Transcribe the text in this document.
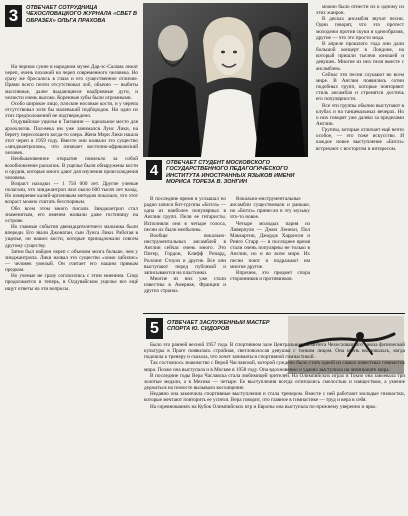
3	ОТВЕЧАЕТ СОТРУДНИЦА ЧЕХОСЛОВАЦКОГО ЖУРНАЛА «СВЕТ В ОБРАЗЕХ» ОЛЬГА ПРАХОВА

На черном сукне в народном музее Дар-эс-Салама лежат череп, очень похожий на череп современного человека. Но сразу же бросалось в глаза и его существенное отличие. Прямо всего почти отсутствовал лоб, обычно — выбиты массивные, далее выдающиеся надбровные дуги, и челюсти очень высоко. Коренные зубы были огромными.

Особо широкое лицо, плоские носовые кости, и у черепа отсутствовал хотя бы маленький подбородок. Ни одно из этих предположений не подтверждено.

Олдувайское ущелье в Танзании — идеальное место для археологов. Пол-века им уже занимался Луис Лики, на берегу пересохшего когда-то озера. Жена Мэри Лики нашла этот череп в 1959 году. Вместе они назвали это существо «зинджантропом», что означает восточно-африканский человек.

Необыкновенное открытие повлекло за собой возобновление раскопок. В ущелье были обнаружены кости и орудия, которые много дают для изучения происхождения человека.

Возраст находки — 1 750 000 лет. Другие ученые полагали, что зинджантроп жил около 600 тысяч лет назад. Но измерение калий-аргоновым методом показало, что этот возраст можно считать бесспорным.

Обо всем этом много писали. Зинджантроп стал знаменитым, его именем назвали даже гостиницу на острове.

Но главные события двенадцатилетнего мальчика были впереди. Его звали Джонатан, сын Луиса Лики. Работая в ущелье, он нашел кости, которые принадлежали совсем другому существу.

Затем был найден череп с объемом мозга больше, чем у зинджантропа. Лики назвал это существо «хомо хабилис» — человек умелый. Он считает его нашим прямым предком.

Но ученые не сразу согласились с этим мнением. Спор продолжается и теперь, в Олдувайском ущелье все ещё ищут ответы на эти вопросы.

4	ОТВЕЧАЕТ СТУДЕНТ МОСКОВСКОГО ГОСУДАРСТВЕННОГО ПЕДАГОГИЧЕСКОГО ИНСТИТУТА ИНОСТРАННЫХ ЯЗЫКОВ ИМЕНИ МОРИСА ТОРЕЗА В. ЗОНГИН

В последние время я услышал по радио записи бит-группы «Битлз» — одна из наиболее популярных в Англии групп. Пели ее гитаристы. Исполняли они в четыре голоса, песни их были необычны.

Вообще вокально-инструментальных ансамблей в Англии сейчас очень много. Это Питер, Гордон, Клифф Ричард, Роллинг Стоунз и другие. Все они выступают перед публикой и записываются на пластинки.

Многие из них уже стали известны в Америке, Франции и других странах.

Вокально-инструментальные ансамбли существовали и раньше, но «Битлз» принесли в эту музыку что-то новое.

Четыре молодых парня из Ливерпуля — Джон Леннон, Пол Маккартни, Джордж Харрисон и Ринго Старр — в последнее время стали очень популярны не только в Англии, но и во всем мире. Их песни поют и подражают им многие другие.

Впрочем, это предмет спора сторонников и противников.

можно было отнести их к одному из этих жанров.

В дисках ансамбля звучат песни. Одни говорят, что это протест молодежи против скуки и однообразия, другие — что это просто мода.

В апреле прошлого года они дали большой концерт в Лондоне, на который пришли тысячи юношей и девушек. Многие из них пели вместе с ансамблем.

Сейчас эти песни слушают во всем мире. В Англии появились сотни подобных групп, которые повторяют стиль ансамбля и стремятся достичь его популярности.

Все эти группы обычно выступают в клубах и на танцевальных вечерах. Но о них говорят уже далеко за пределами Англии.

Группы, которые отличает ещё нечто особое, — это тоже искусство. И каждое новое выступление «Битлз» встречают с восторгом и интересом.

5	ОТВЕЧАЕТ ЗАСЛУЖЕННЫЙ МАСТЕР СПОРТА Ю. СИДОРОВ

Было это ранней весной 1957 года. В спортивном зале Центрального комитета Чехословацкого союза физической культуры в Праге появилась стройная, светловолосая девушка с тонким лицом. Она очень волновалась, когда подошла к тренеру и сказала, что хочет заниматься спортивной гимнастикой.

Так состоялось знакомство с Верой Чаславской, которой суждено было стать одной из самых известных гимнасток мира. Позже она выступала и в Москве в 1958 году. Она вдохновенно и удачно выступила на чемпионате мира.

В последние годы Вера Чаславска стала любимицей зрителей. На Олимпийских играх в Токио она завоевала три золотые медали, а в Мехико — четыре. Ее выступления всегда отличались смелостью и изяществом, а умение держаться на помосте вызывало восхищение.

Недавно она закончила спортивные выступления и стала тренером. Вместе с ней работают молодые гимнастки, которые мечтают повторить ее успехи. Вера говорит, что главное в гимнастике — труд и вера в себя.

На соревнованиях на Кубок Олимпийских игр и Европы она выступала по-прежнему уверенно и ярко.
